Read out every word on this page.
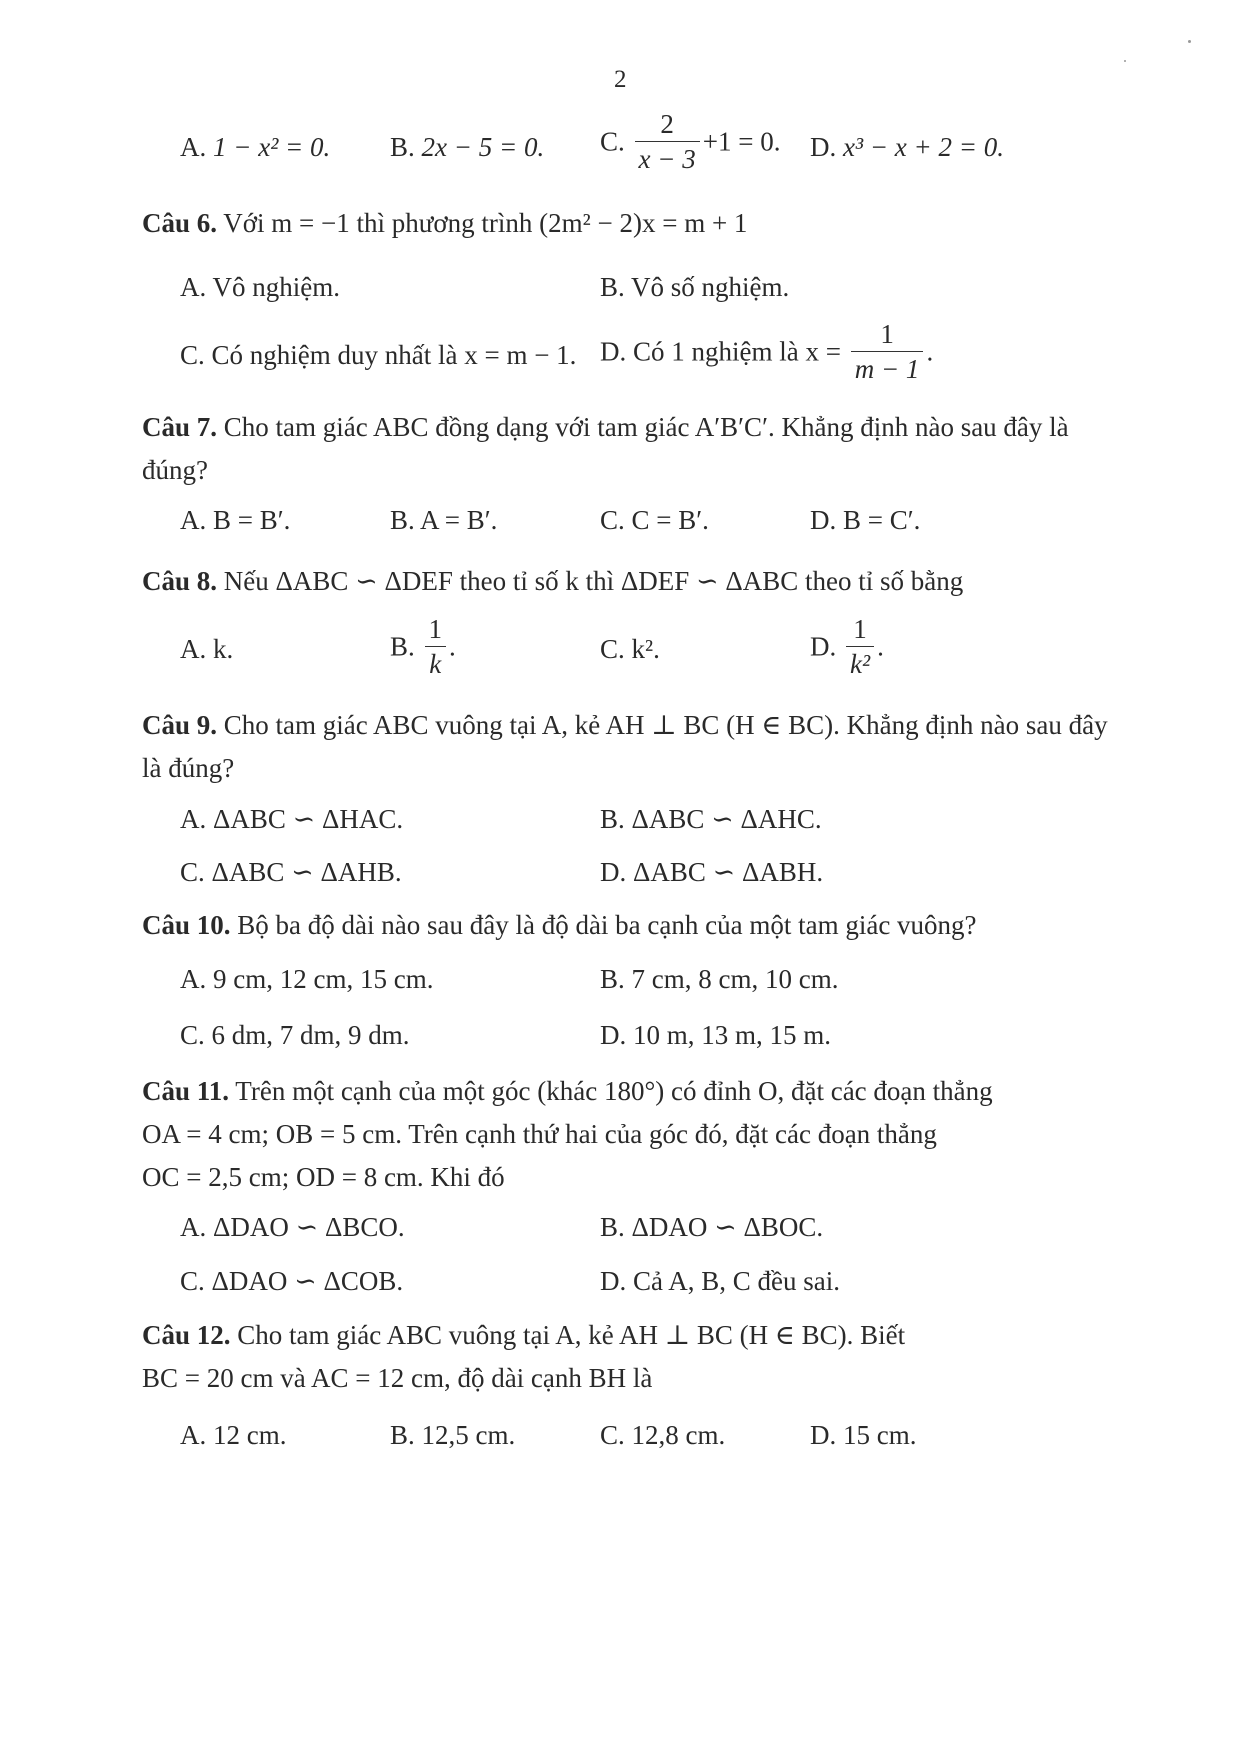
2
A. 1 − x² = 0. B. 2x − 5 = 0. C. $\frac{2}{x - 3} +1 = 0$. D. x³ − x + 2 = 0.
Câu 6. Với m = −1 thì phương trình (2m² − 2)x = m + 1
A. Vô nghiệm.	B. Vô số nghiệm.
C. Có nghiệm duy nhất là x = m − 1. D. Có 1 nghiệm là $x = \frac{1}{m - 1}$ .
Câu 7. Cho tam giác ABC đồng dạng với tam giác A′B′C′. Khẳng định nào sau đây là đúng?
A. B = B′.	B. A = B′.	C. C = B′.	D. B = C′.
Câu 8. Nếu ΔABC ∽ ΔDEF theo tỉ số k thì ΔDEF ∽ ΔABC theo tỉ số bằng
A. k.	B. $\frac{1}{k}$ .	C. k².	D. $\frac{1}{\text{k²}}$ .
Câu 9. Cho tam giác ABC vuông tại A, kẻ AH ⊥ BC (H ∈ BC). Khẳng định nào sau đây là đúng?
A. ΔABC ∽ ΔHAC.	B. ΔABC ∽ ΔAHC.
C. ΔABC ∽ ΔAHB.	D. ΔABC ∽ ΔABH.
Câu 10. Bộ ba độ dài nào sau đây là độ dài ba cạnh của một tam giác vuông?
A. 9 cm, 12 cm, 15 cm.	B. 7 cm, 8 cm, 10 cm.
C. 6 dm, 7 dm, 9 dm.	D. 10 m, 13 m, 15 m.
Câu 11. Trên một cạnh của một góc (khác 180°) có đỉnh O, đặt các đoạn thẳng
OA = 4 cm; OB = 5 cm. Trên cạnh thứ hai của góc đó, đặt các đoạn thẳng
OC = 2,5 cm; OD = 8 cm. Khi đó
A. ΔDAO ∽ ΔBCO.	B. ΔDAO ∽ ΔBOC.
C. ΔDAO ∽ ΔCOB.	D. Cả A, B, C đều sai.
Câu 12. Cho tam giác ABC vuông tại A, kẻ AH ⊥ BC (H ∈ BC). Biết
BC = 20 cm và AC = 12 cm, độ dài cạnh BH là
A. 12 cm.	B. 12,5 cm.	C. 12,8 cm.	D. 15 cm.
